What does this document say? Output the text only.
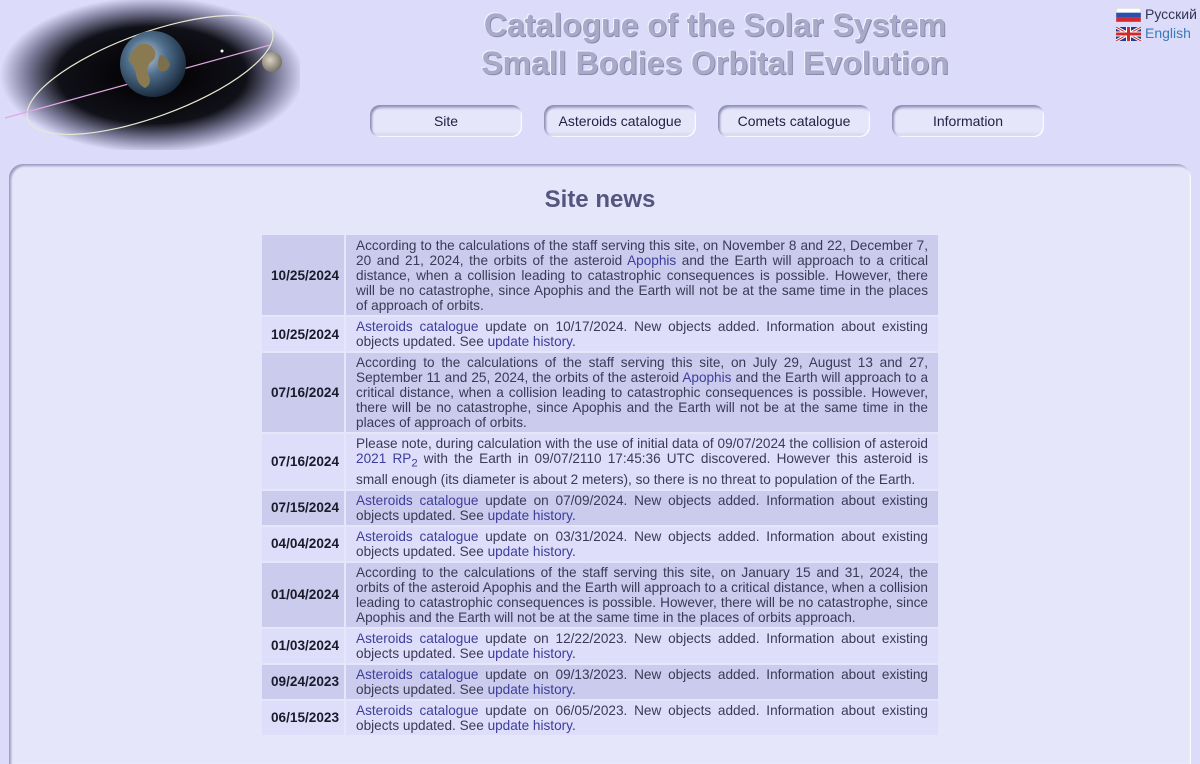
Catalogue of the Solar System
Small Bodies Orbital Evolution
Русский
English
Site	Asteroids catalogue	Comets catalogue	Information
Site news
10/25/2024	According to the calculations of the staff serving this site, on November 8 and 22, December 7, 20 and 21, 2024, the orbits of the asteroid Apophis and the Earth will approach to a critical distance, when a collision leading to catastrophic consequences is possible. However, there will be no catastrophe, since Apophis and the Earth will not be at the same time in the places of approach of orbits.
10/25/2024	Asteroids catalogue update on 10/17/2024. New objects added. Information about existing objects updated. See update history.
07/16/2024	According to the calculations of the staff serving this site, on July 29, August 13 and 27, September 11 and 25, 2024, the orbits of the asteroid Apophis and the Earth will approach to a critical distance, when a collision leading to catastrophic consequences is possible. However, there will be no catastrophe, since Apophis and the Earth will not be at the same time in the places of approach of orbits.
07/16/2024	Please note, during calculation with the use of initial data of 09/07/2024 the collision of asteroid 2021 $RP_2$ with the Earth in 09/07/2110 17:45:36 UTC discovered. However this asteroid is small enough (its diameter is about 2 meters), so there is no threat to population of the Earth.
07/15/2024	Asteroids catalogue update on 07/09/2024. New objects added. Information about existing objects updated. See update history.
04/04/2024	Asteroids catalogue update on 03/31/2024. New objects added. Information about existing objects updated. See update history.
01/04/2024	According to the calculations of the staff serving this site, on January 15 and 31, 2024, the orbits of the asteroid Apophis and the Earth will approach to a critical distance, when a collision leading to catastrophic consequences is possible. However, there will be no catastrophe, since Apophis and the Earth will not be at the same time in the places of orbits approach.
01/03/2024	Asteroids catalogue update on 12/22/2023. New objects added. Information about existing objects updated. See update history.
09/24/2023	Asteroids catalogue update on 09/13/2023. New objects added. Information about existing objects updated. See update history.
06/15/2023	Asteroids catalogue update on 06/05/2023. New objects added. Information about existing objects updated. See update history.
